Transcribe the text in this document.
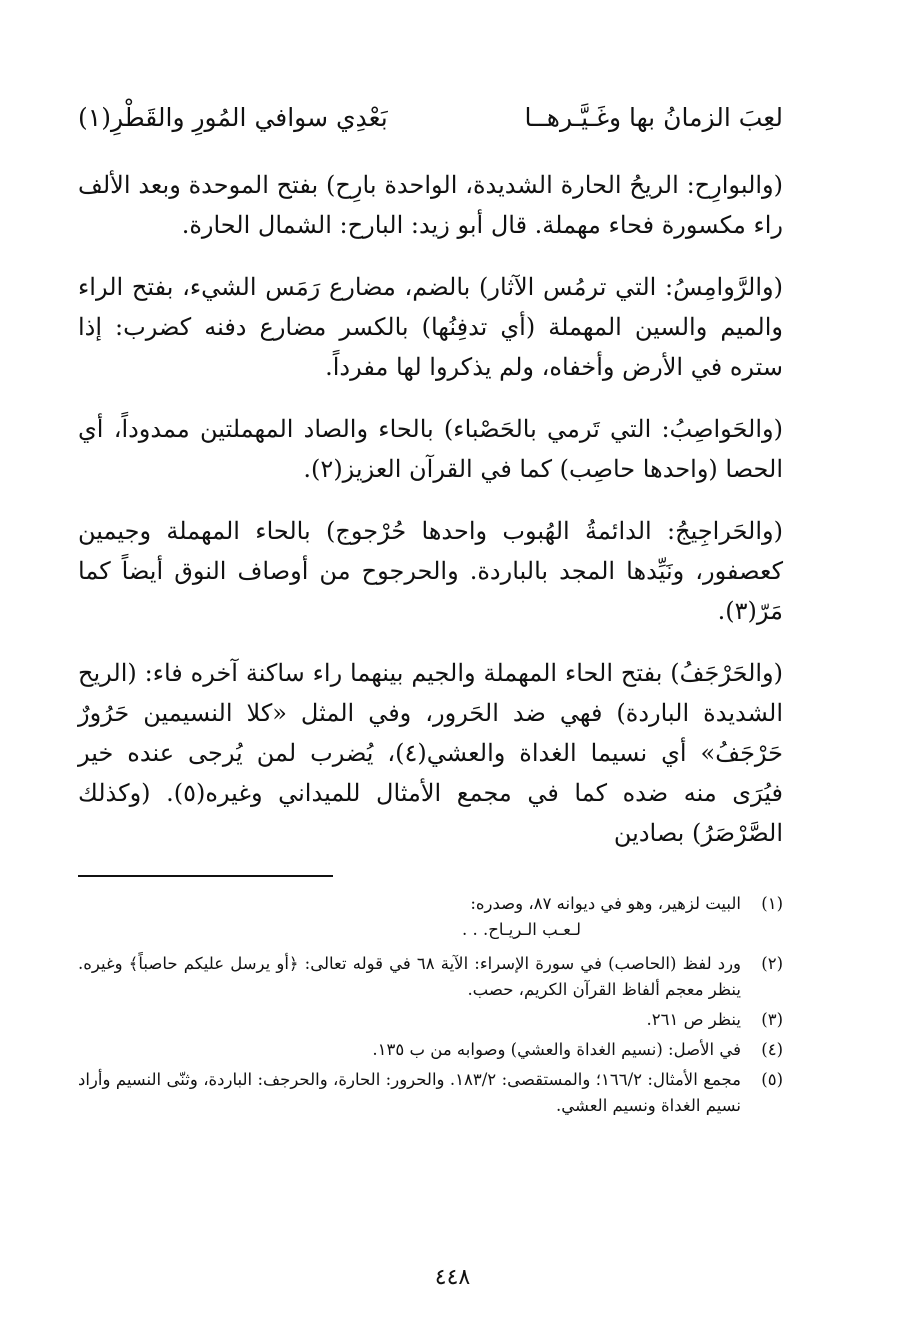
لعِبَ الزمانُ بها وغَـيَّـرهــا
بَعْدِي سوافي المُورِ والقَطْرِ(١)

(والبوارِح: الريحُ الحارة الشديدة، الواحدة بارِح) بفتح الموحدة وبعد الألف راء مكسورة فحاء مهملة. قال أبو زيد: البارح: الشمال الحارة.

(والرَّوامِسُ: التي ترمُس الآثار) بالضم، مضارع رَمَس الشيء، بفتح الراء والميم والسين المهملة (أي تدفِنُها) بالكسر مضارع دفنه كضرب: إذا ستره في الأرض وأخفاه، ولم يذكروا لها مفرداً.

(والحَواصِبُ: التي تَرمي بالحَصْباء) بالحاء والصاد المهملتين ممدوداً، أي الحصا (واحدها حاصِب) كما في القرآن العزيز(٢).

(والحَراجِيجُ: الدائمةُ الهُبوب واحدها حُرْجوج) بالحاء المهملة وجيمين كعصفور، ونَيِّدها المجد بالباردة. والحرجوح من أوصاف النوق أيضاً كما مَرّ(٣).

(والحَرْجَفُ) بفتح الحاء المهملة والجيم بينهما راء ساكنة آخره فاء: (الريح الشديدة الباردة) فهي ضد الحَرور، وفي المثل «كلا النسيمين حَرُورٌ حَرْجَفُ» أي نسيما الغداة والعشي(٤)، يُضرب لمن يُرجى عنده خير فيُرَى منه ضده كما في مجمع الأمثال للميداني وغيره(٥). (وكذلك الصَّرْصَرُ) بصادين

(١)
البيت لزهير، وهو في ديوانه ٨٧، وصدره:
لـعـب الـريـاح. . .
(٢)
ورد لفظ (الحاصب) في سورة الإسراء: الآية ٦٨ في قوله تعالى: ﴿أو يرسل عليكم حاصباً﴾ وغيره. ينظر معجم ألفاظ القرآن الكريم، حصب.
(٣)
ينظر ص ٢٦١.
(٤)
في الأصل: (نسيم الغداة والعشي) وصوابه من ب ١٣٥.
(٥)
مجمع الأمثال: ١٦٦/٢؛ والمستقصى: ١٨٣/٢. والحرور: الحارة، والحرجف: الباردة، وثنّى النسيم وأراد نسيم الغداة ونسيم العشي.
٤٤٨
